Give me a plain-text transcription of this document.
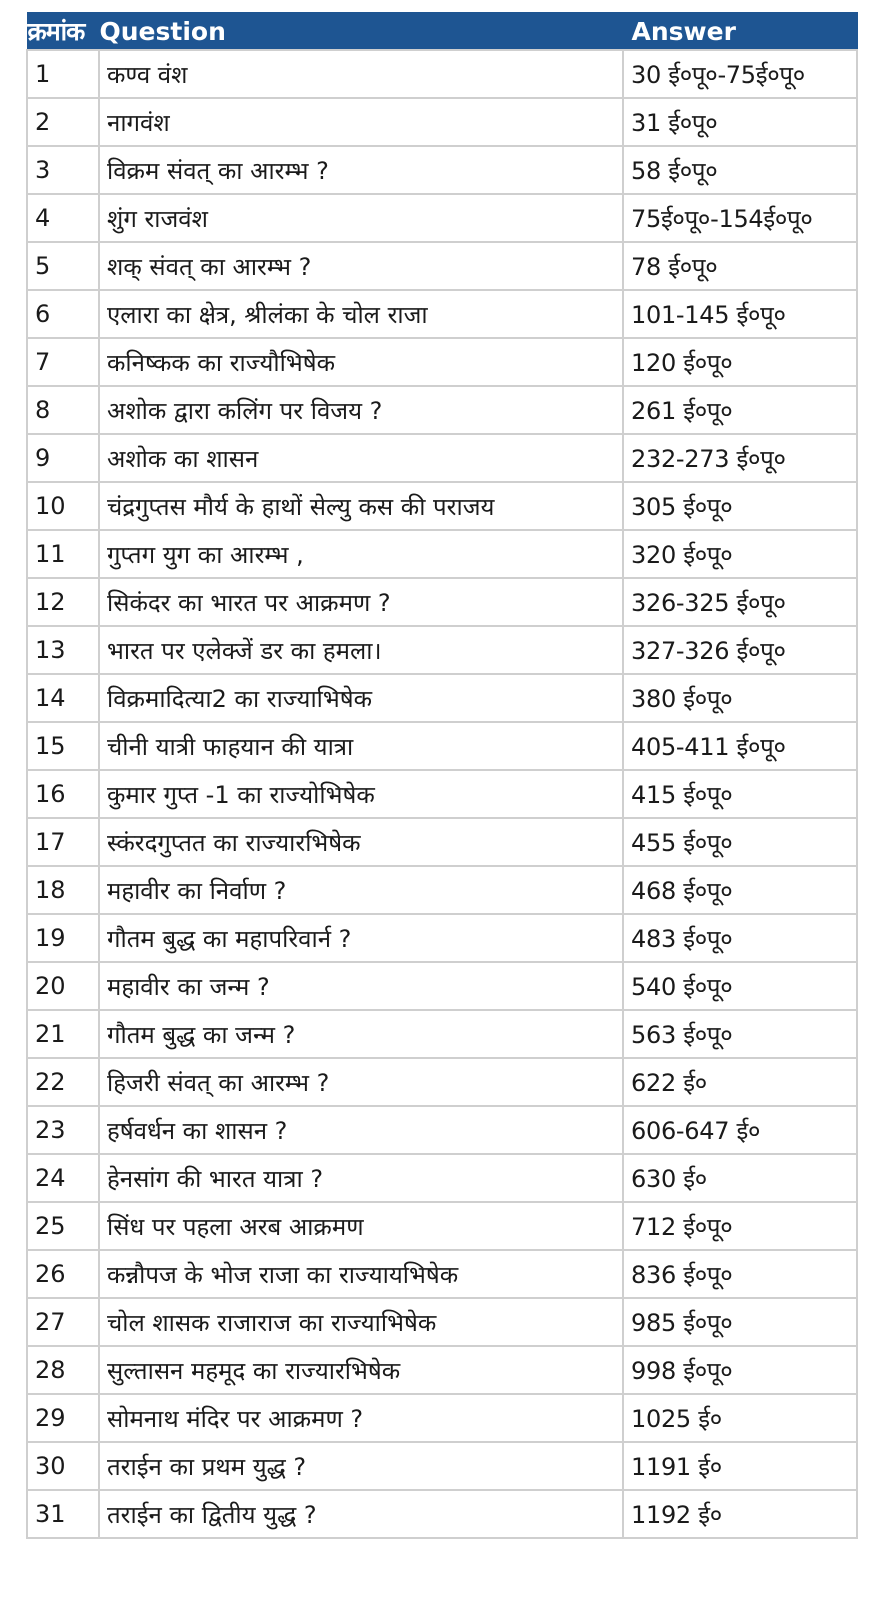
क्रमांक	Question	Answer
1	कण्व वंश	30 ई०पू०-75ई०पू०
2	नागवंश	31 ई०पू०
3	विक्रम संवत् का आरम्भ ?	58 ई०पू०
4	शुंग राजवंश	75ई०पू०-154ई०पू०
5	शक् संवत् का आरम्भ ?	78 ई०पू०
6	एलारा का क्षेत्र, श्रीलंका के चोल राजा	101-145 ई०पू०
7	कनिष्कक का राज्यौभिषेक	120 ई०पू०
8	अशोक द्वारा कलिंग पर विजय ?	261 ई०पू०
9	अशोक का शासन	232-273 ई०पू०
10	चंद्रगुप्तस मौर्य के हाथों सेल्यु कस की पराजय	305 ई०पू०
11	गुप्तग युग का आरम्भ ,	320 ई०पू०
12	सिकंदर का भारत पर आक्रमण ?	326-325 ई०पू०
13	भारत पर एलेक्जें डर का हमला।	327-326 ई०पू०
14	विक्रमादित्या2 का राज्याभिषेक	380 ई०पू०
15	चीनी यात्री फाहयान की यात्रा	405-411 ई०पू०
16	कुमार गुप्त -1 का राज्योभिषेक	415 ई०पू०
17	स्कंरदगुप्तत का राज्यारभिषेक	455 ई०पू०
18	महावीर का निर्वाण ?	468 ई०पू०
19	गौतम बुद्ध का महापरिवार्न ?	483 ई०पू०
20	महावीर का जन्म ?	540 ई०पू०
21	गौतम बुद्ध का जन्म ?	563 ई०पू०
22	हिजरी संवत् का आरम्भ ?	622 ई०
23	हर्षवर्धन का शासन ?	606-647 ई०
24	हेनसांग की भारत यात्रा ?	630 ई०
25	सिंध पर पहला अरब आक्रमण	712 ई०पू०
26	कन्नौपज के भोज राजा का राज्यायभिषेक	836 ई०पू०
27	चोल शासक राजाराज का राज्याभिषेक	985 ई०पू०
28	सुल्तासन महमूद का राज्यारभिषेक	998 ई०पू०
29	सोमनाथ मंदिर पर आक्रमण ?	1025 ई०
30	तराईन का प्रथम युद्ध ?	1191 ई०
31	तराईन का द्वितीय युद्ध ?	1192 ई०
